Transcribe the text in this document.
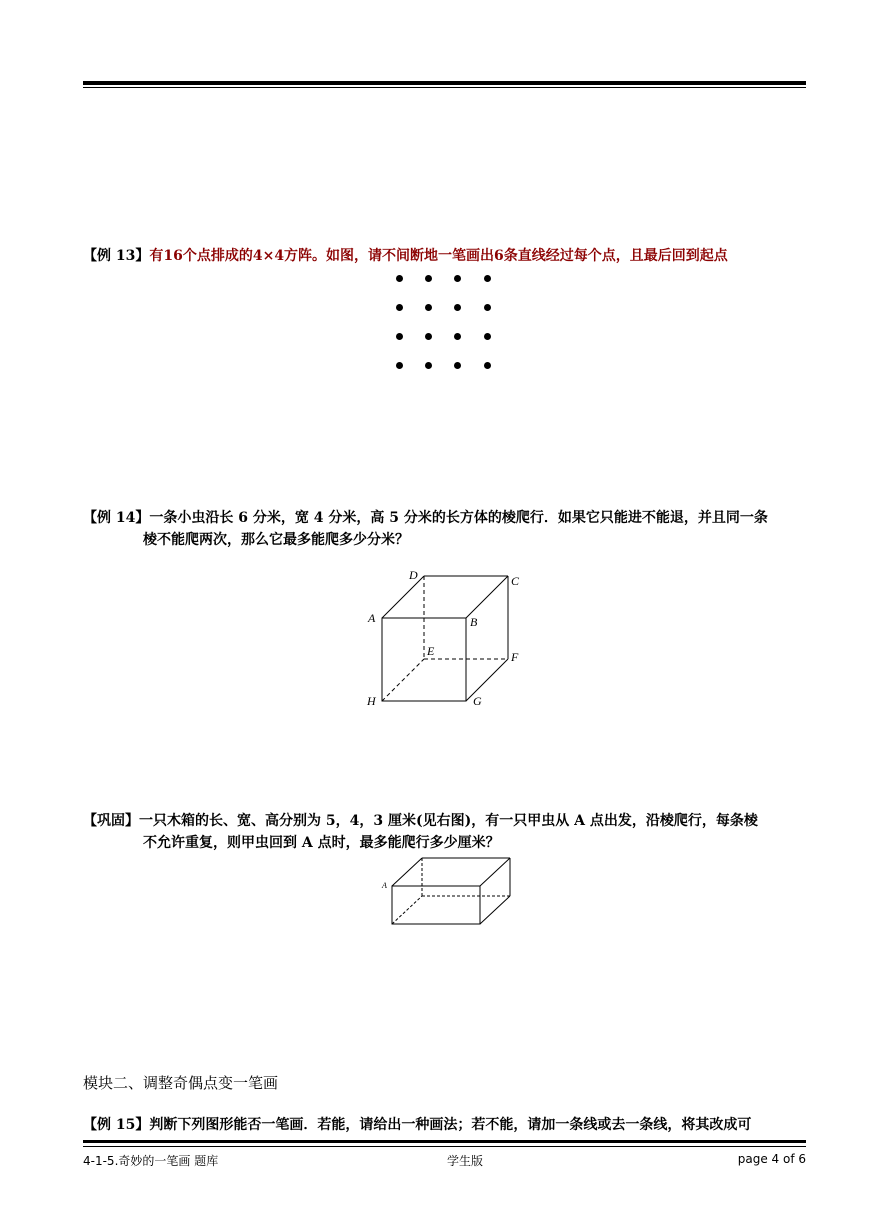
【例 13】有16个点排成的4×4方阵。如图，请不间断地一笔画出6条直线经过每个点，且最后回到起点
【例 14】一条小虫沿长 6 分米，宽 4 分米，高 5 分米的长方体的棱爬行．如果它只能进不能退，并且同一条
棱不能爬两次，那么它最多能爬多少分米？
D	C
A	B
E	F
H	G
【巩固】一只木箱的长、宽、高分别为 5，4，3 厘米(见右图)，有一只甲虫从 A 点出发，沿棱爬行，每条棱
不允许重复，则甲虫回到 A 点时，最多能爬行多少厘米？
A
模块二、调整奇偶点变一笔画
【例 15】判断下列图形能否一笔画．若能，请给出一种画法；若不能，请加一条线或去一条线，将其改成可
4-1-5.奇妙的一笔画 题库	学生版	page 4 of 6
